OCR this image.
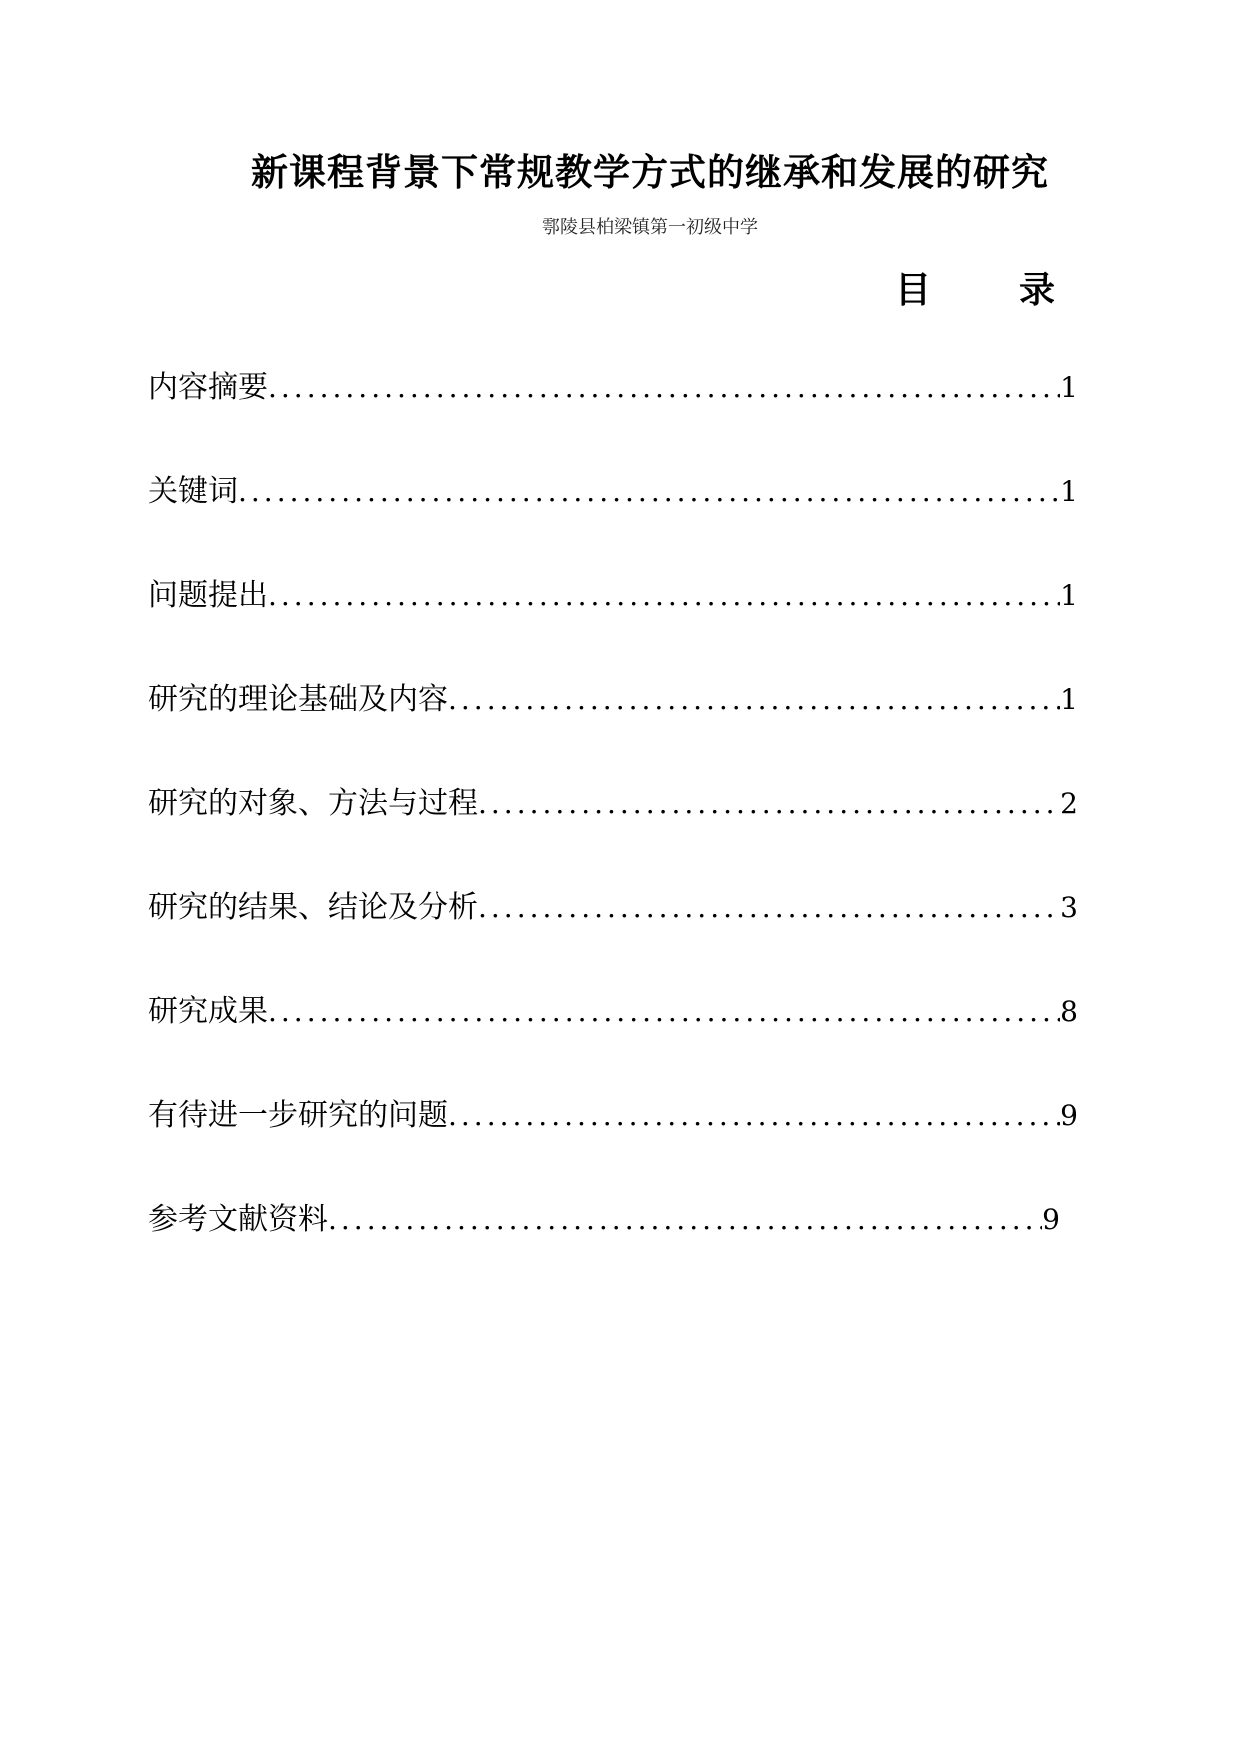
新课程背景下常规教学方式的继承和发展的研究
鄠陵县柏梁镇第一初级中学
目 录
内容摘要 .....	1
关键词 .....	1
问题提出 .....	1
研究的理论基础及内容 .....	1
研究的对象、方法与过程 .....	2
研究的结果、结论及分析 .....	3
研究成果 .....	8
有待进一步研究的问题 .....	9
参考文献资料 .....	9
